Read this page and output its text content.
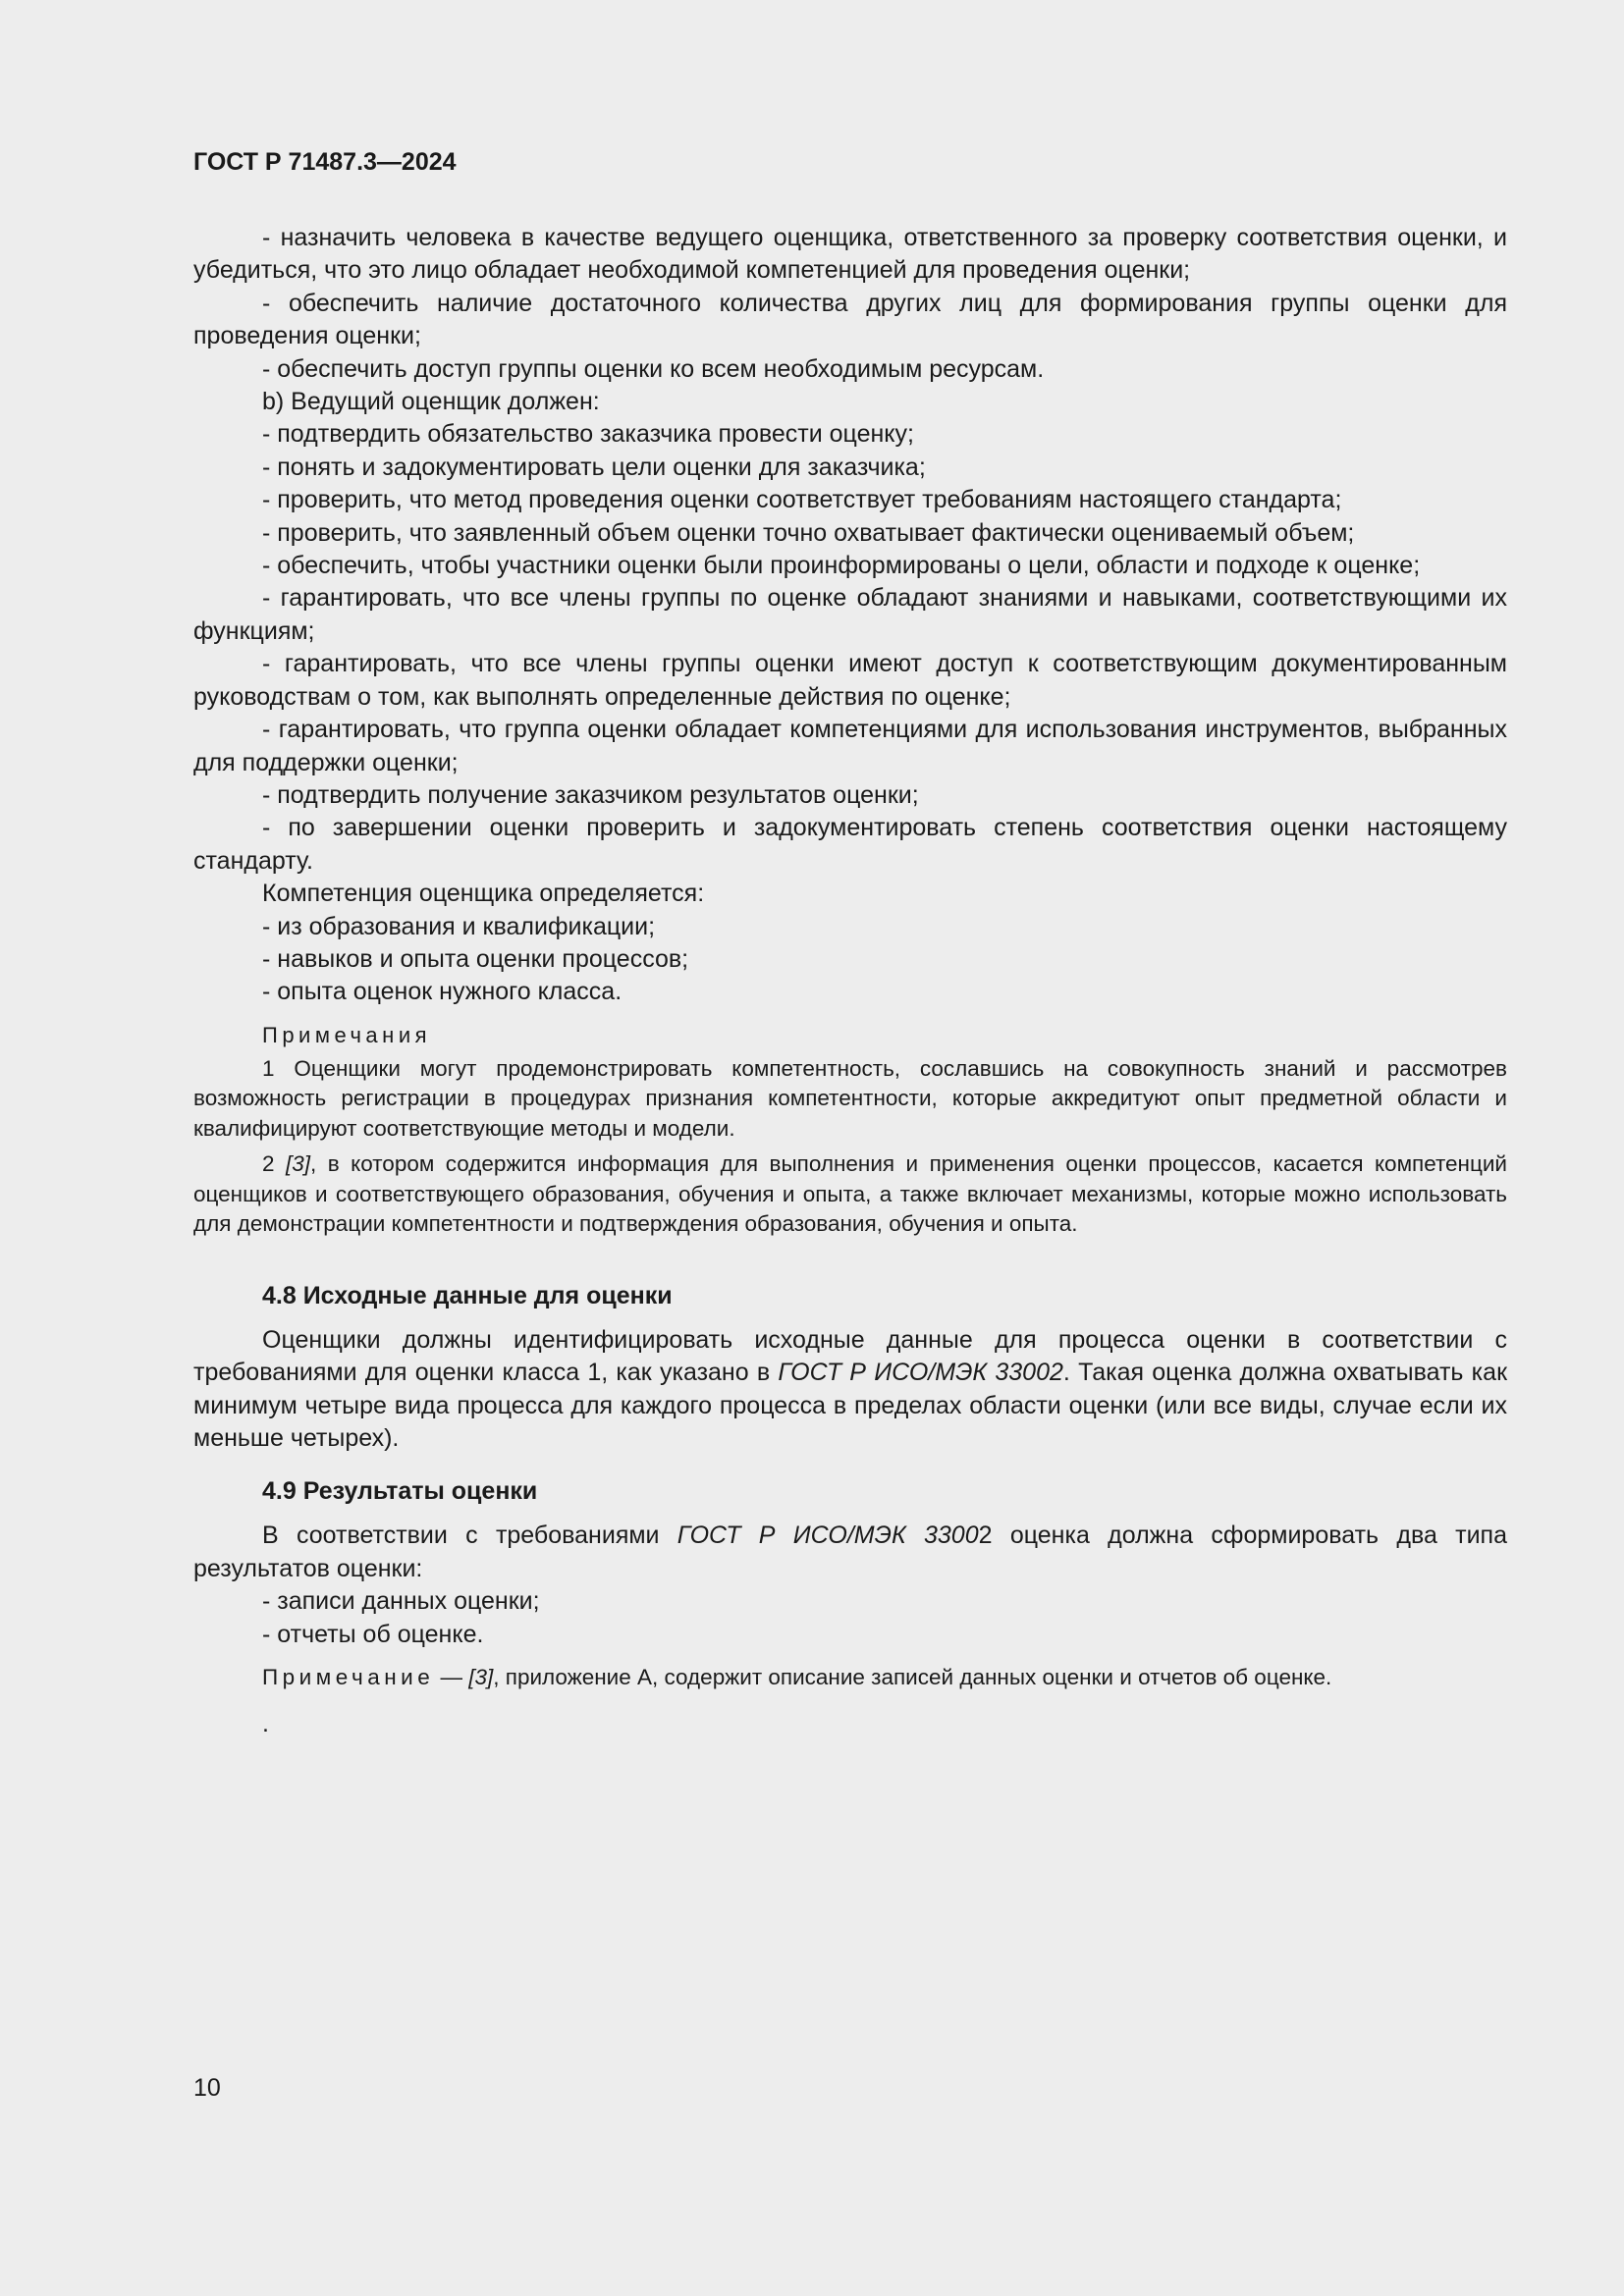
ГОСТ Р 71487.3—2024

- назначить человека в качестве ведущего оценщика, ответственного за проверку соответствия оценки, и убедиться, что это лицо обладает необходимой компетенцией для проведения оценки;

- обеспечить наличие достаточного количества других лиц для формирования группы оценки для проведения оценки;

- обеспечить доступ группы оценки ко всем необходимым ресурсам.

b) Ведущий оценщик должен:

- подтвердить обязательство заказчика провести оценку;

- понять и задокументировать цели оценки для заказчика;

- проверить, что метод проведения оценки соответствует требованиям настоящего стандарта;

- проверить, что заявленный объем оценки точно охватывает фактически оцениваемый объем;

- обеспечить, чтобы участники оценки были проинформированы о цели, области и подходе к оценке;

- гарантировать, что все члены группы по оценке обладают знаниями и навыками, соответствующими их функциям;

- гарантировать, что все члены группы оценки имеют доступ к соответствующим документированным руководствам о том, как выполнять определенные действия по оценке;

- гарантировать, что группа оценки обладает компетенциями для использования инструментов, выбранных для поддержки оценки;

- подтвердить получение заказчиком результатов оценки;

- по завершении оценки проверить и задокументировать степень соответствия оценки настоящему стандарту.

Компетенция оценщика определяется:

- из образования и квалификации;

- навыков и опыта оценки процессов;

- опыта оценок нужного класса.

Примечания

1 Оценщики могут продемонстрировать компетентность, сославшись на совокупность знаний и рассмотрев возможность регистрации в процедурах признания компетентности, которые аккредитуют опыт предметной области и квалифицируют соответствующие методы и модели.

2 [3], в котором содержится информация для выполнения и применения оценки процессов, касается компетенций оценщиков и соответствующего образования, обучения и опыта, а также включает механизмы, которые можно использовать для демонстрации компетентности и подтверждения образования, обучения и опыта.

4.8 Исходные данные для оценки

Оценщики должны идентифицировать исходные данные для процесса оценки в соответствии с требованиями для оценки класса 1, как указано в ГОСТ Р ИСО/МЭК 33002. Такая оценка должна охватывать как минимум четыре вида процесса для каждого процесса в пределах области оценки (или все виды, случае если их меньше четырех).

4.9 Результаты оценки

В соответствии с требованиями ГОСТ Р ИСО/МЭК 33002 оценка должна сформировать два типа результатов оценки:

- записи данных оценки;

- отчеты об оценке.

Примечание — [3], приложение А, содержит описание записей данных оценки и отчетов об оценке.

.
10
